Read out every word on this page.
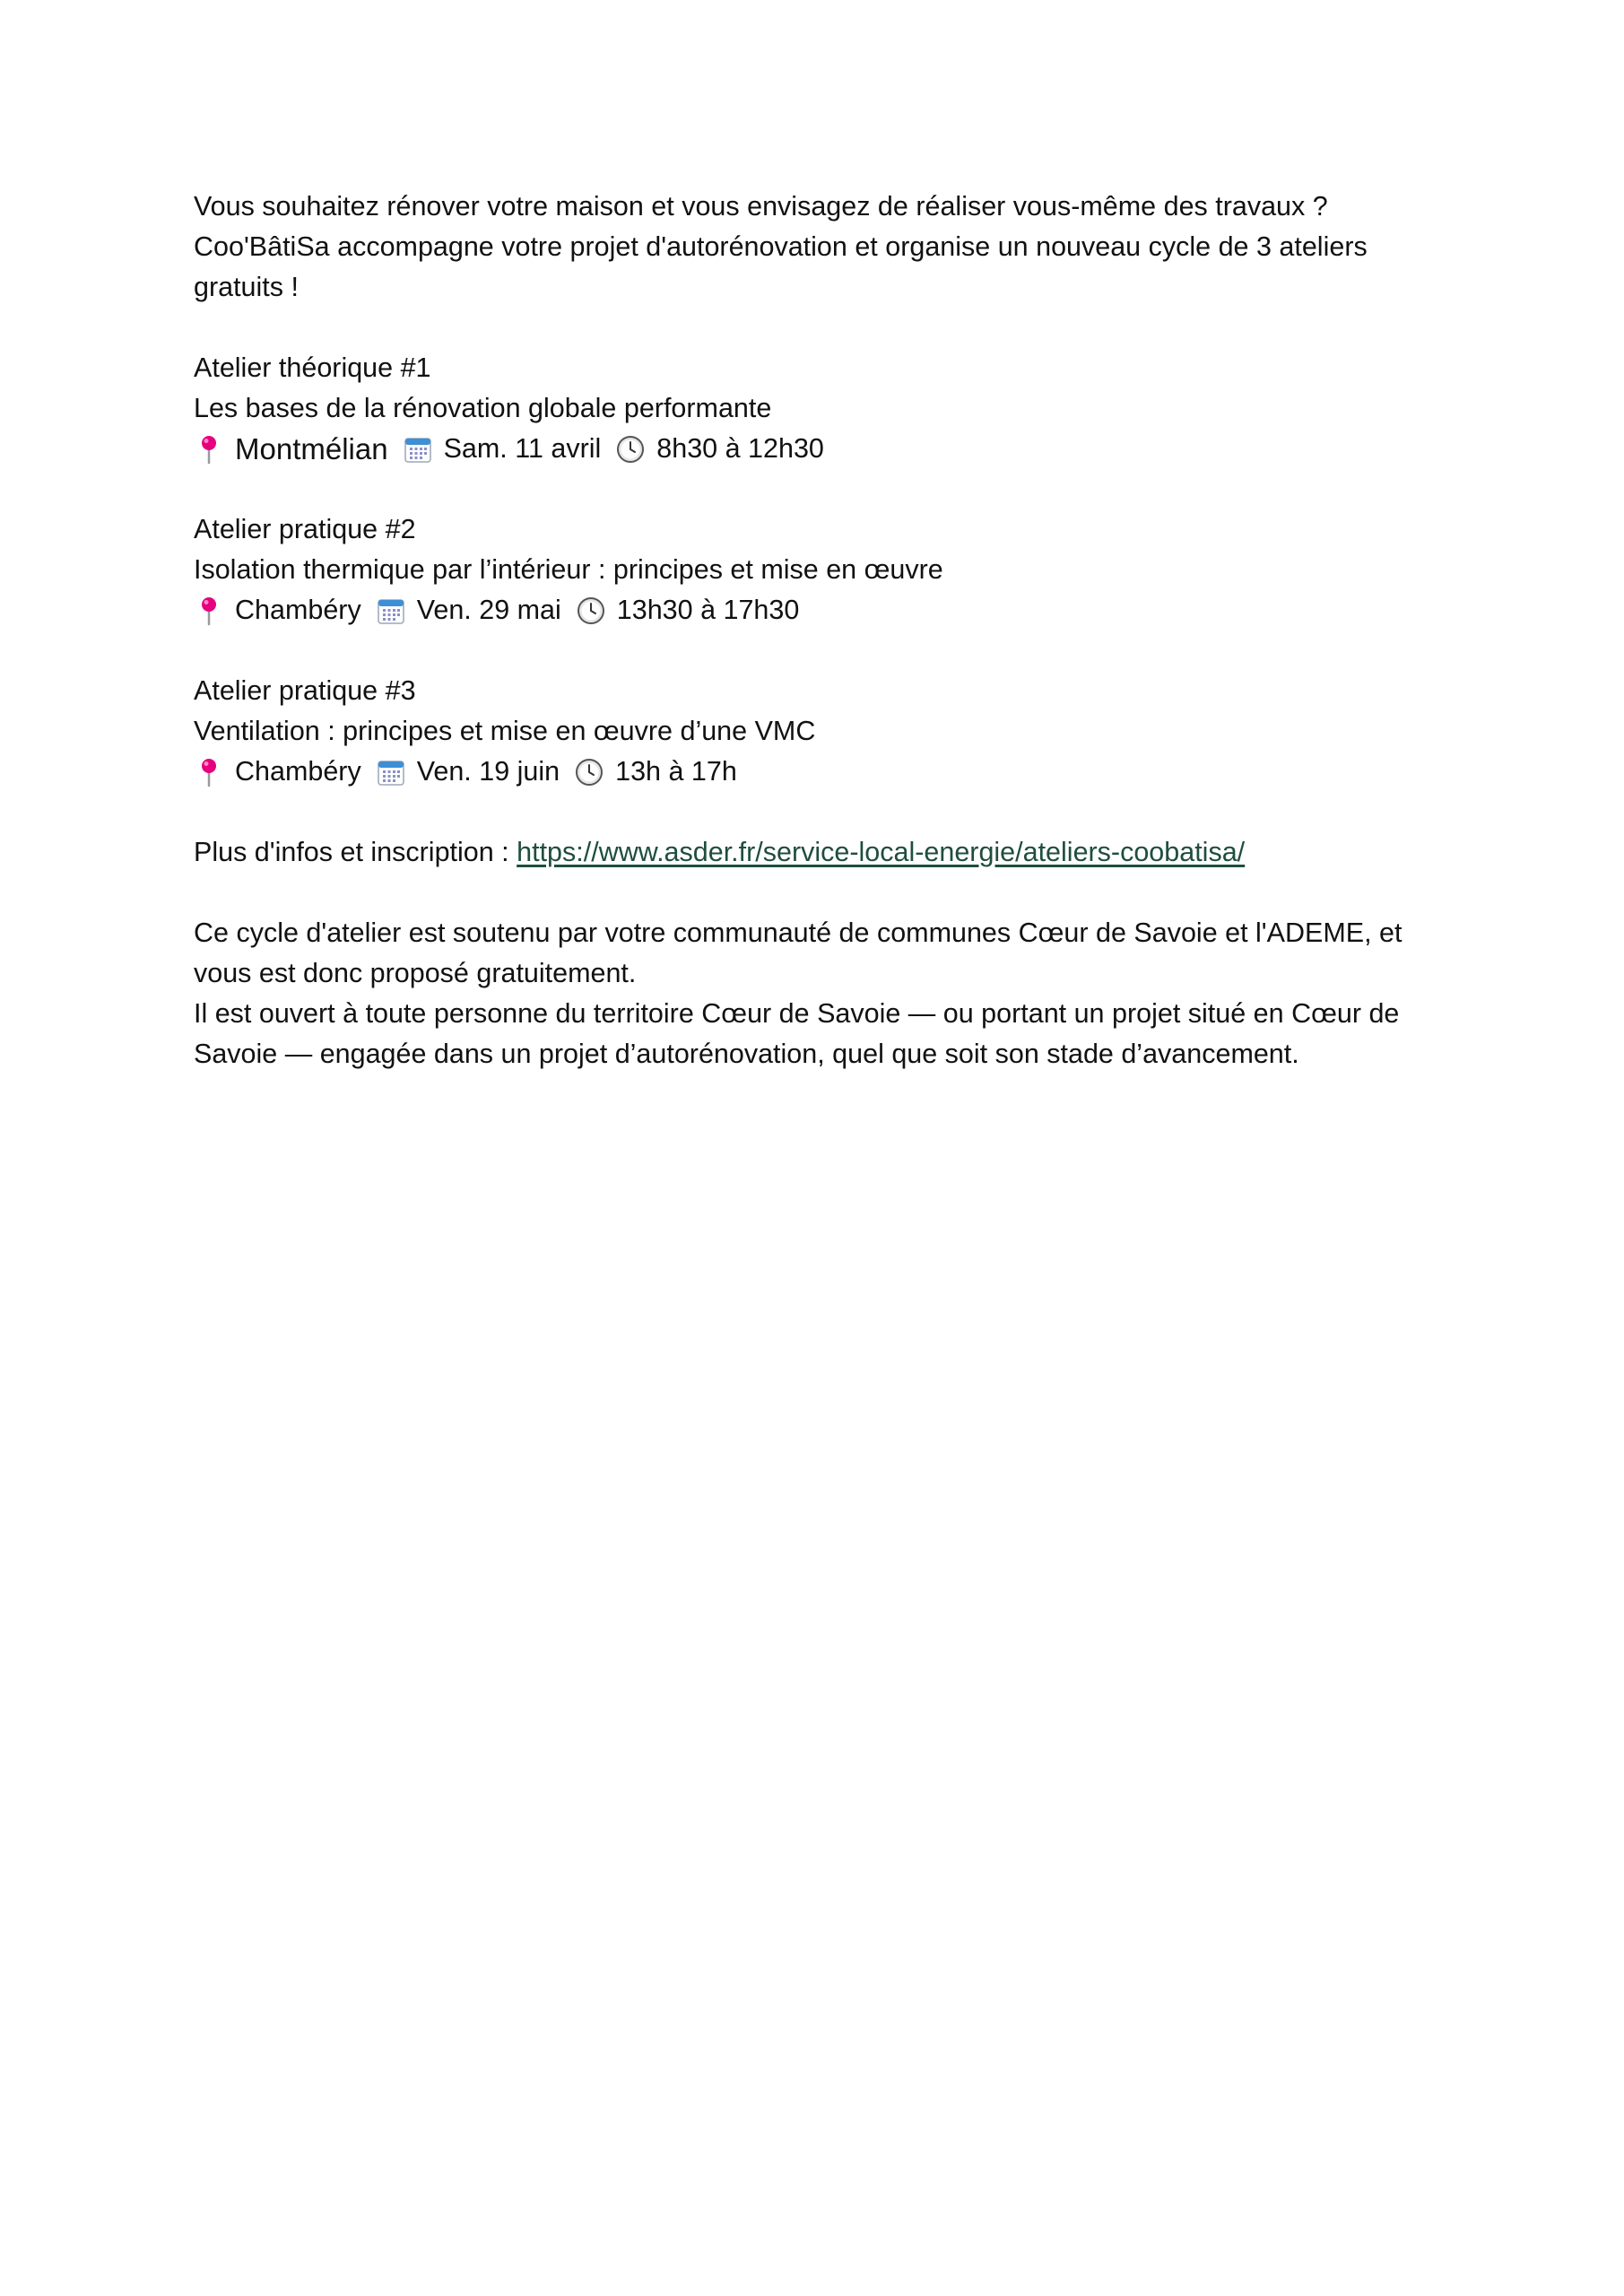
Vous souhaitez rénover votre maison et vous envisagez de réaliser vous-même des travaux ?
Coo'BâtiSa accompagne votre projet d'autorénovation et organise un nouveau cycle de 3 ateliers
gratuits !
Atelier théorique #1
Les bases de la rénovation globale performante
Montmélian Sam. 11 avril 8h30 à 12h30
Atelier pratique #2
Isolation thermique par l’intérieur : principes et mise en œuvre
Chambéry Ven. 29 mai 13h30 à 17h30
Atelier pratique #3
Ventilation : principes et mise en œuvre d’une VMC
Chambéry Ven. 19 juin 13h à 17h
Plus d'infos et inscription : https://www.asder.fr/service-local-energie/ateliers-coobatisa/
Ce cycle d'atelier est soutenu par votre communauté de communes Cœur de Savoie et l'ADEME, et
vous est donc proposé gratuitement.
Il est ouvert à toute personne du territoire Cœur de Savoie — ou portant un projet situé en Cœur de
Savoie — engagée dans un projet d’autorénovation, quel que soit son stade d’avancement.
